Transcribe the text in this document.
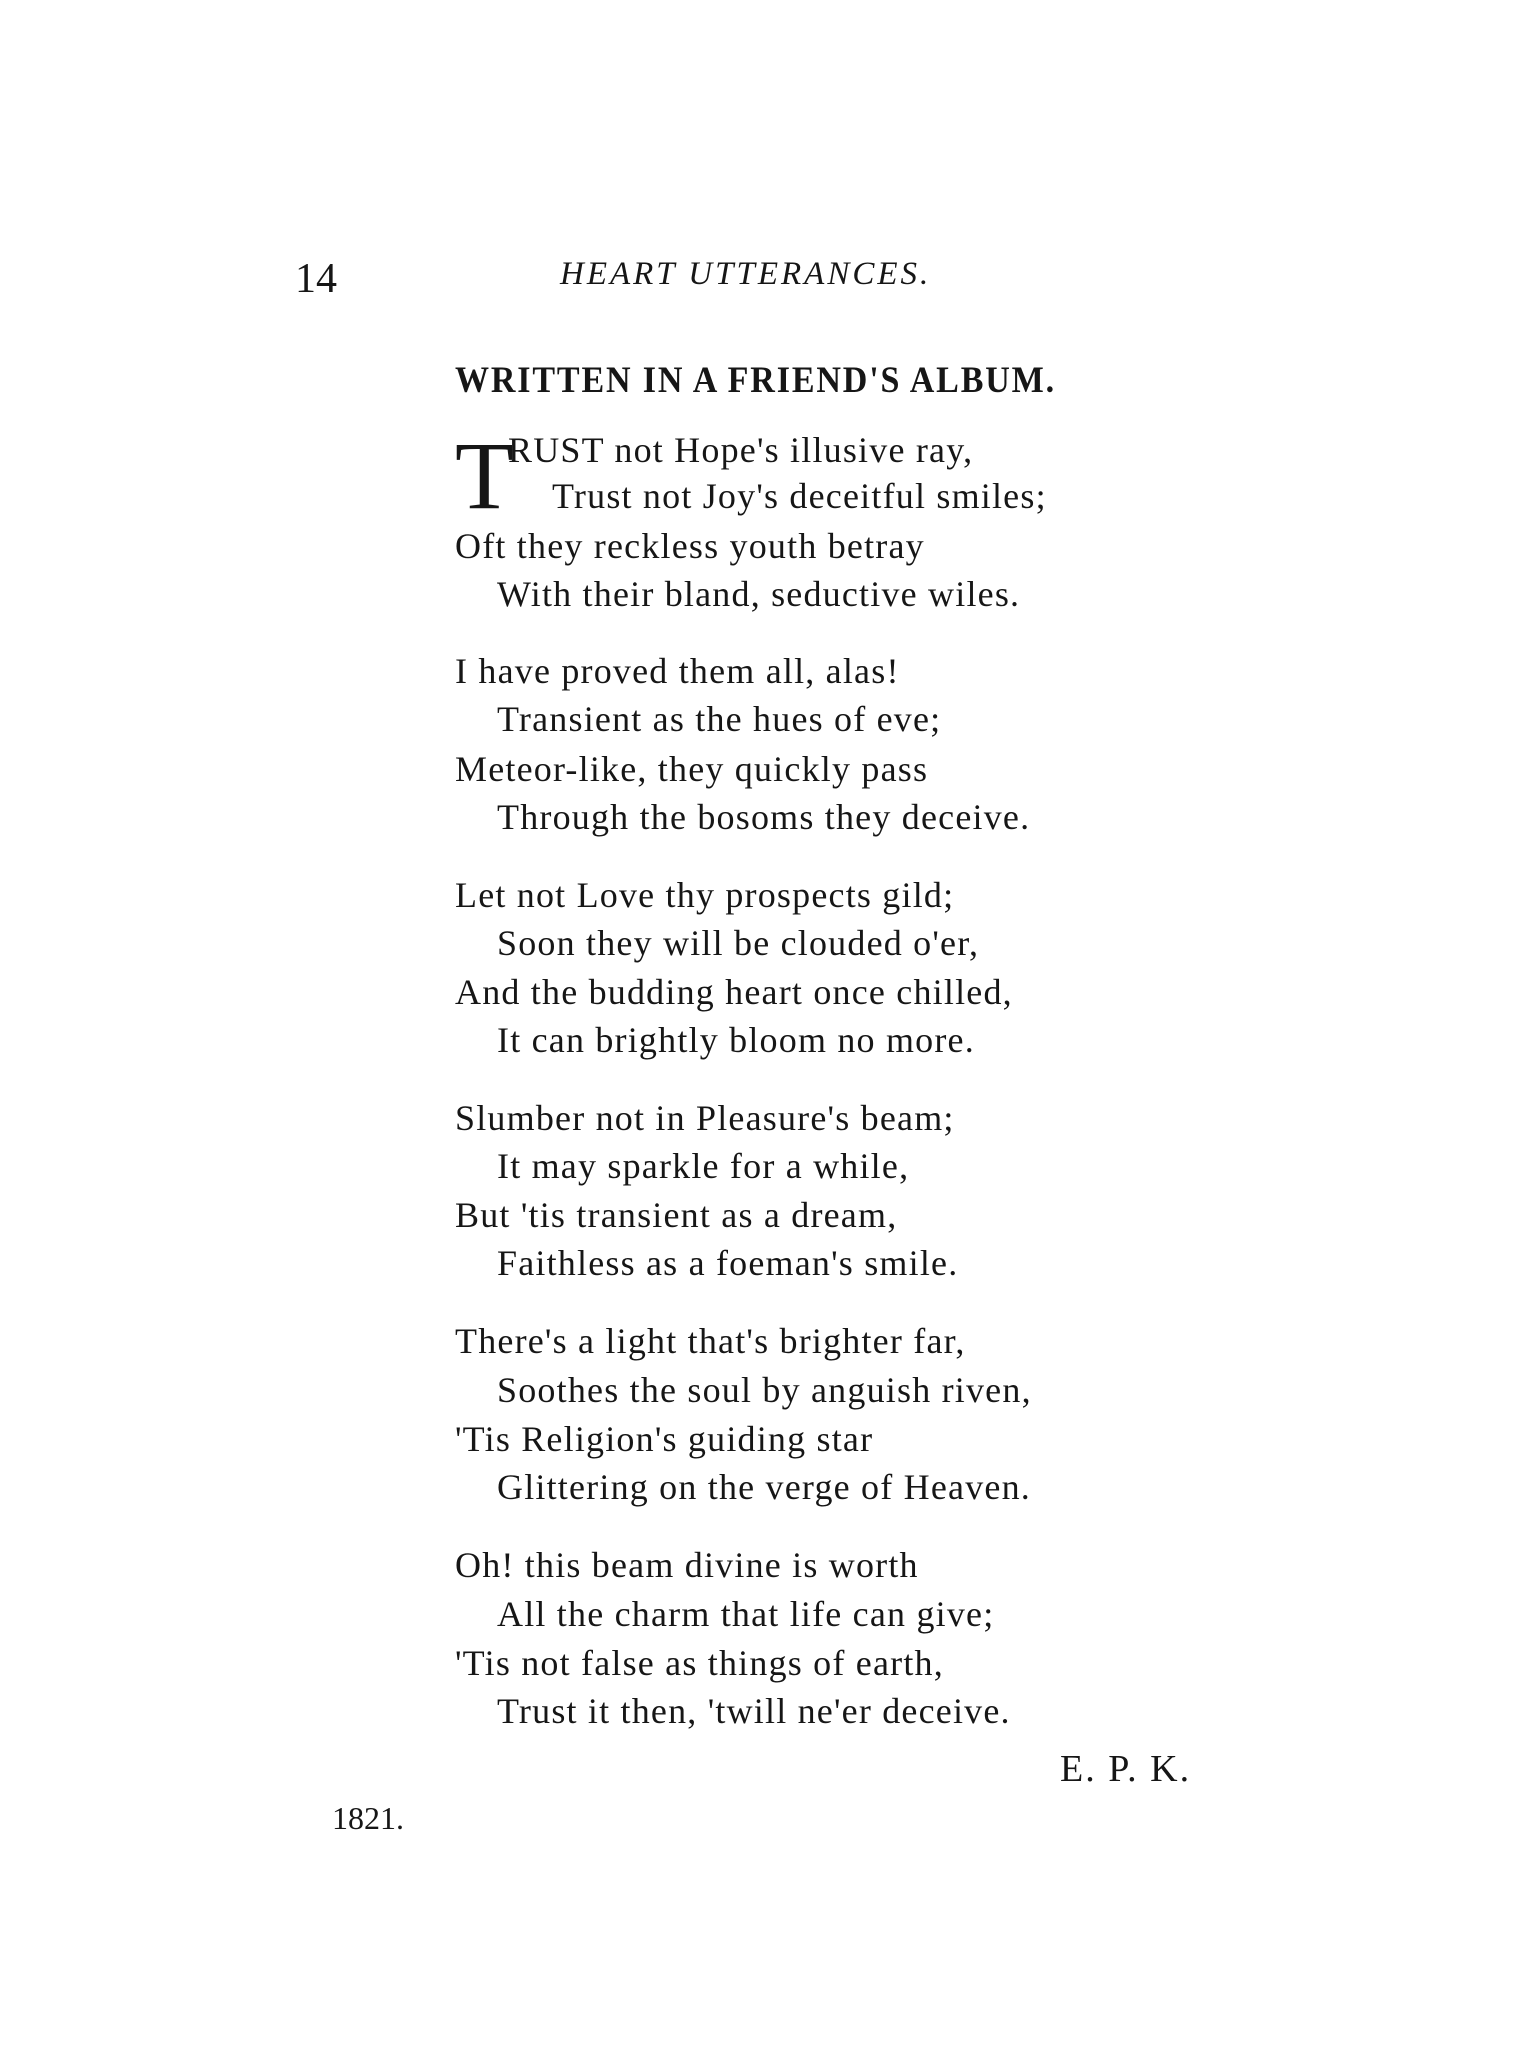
14	HEART UTTERANCES.
WRITTEN IN A FRIEND'S ALBUM.
T
RUST not Hope's illusive ray,
Trust not Joy's deceitful smiles;
Oft they reckless youth betray
With their bland, seductive wiles.
I have proved them all, alas!
Transient as the hues of eve;
Meteor-like, they quickly pass
Through the bosoms they deceive.
Let not Love thy prospects gild;
Soon they will be clouded o'er,
And the budding heart once chilled,
It can brightly bloom no more.
Slumber not in Pleasure's beam;
It may sparkle for a while,
But 'tis transient as a dream,
Faithless as a foeman's smile.
There's a light that's brighter far,
Soothes the soul by anguish riven,
'Tis Religion's guiding star
Glittering on the verge of Heaven.
Oh! this beam divine is worth
All the charm that life can give;
'Tis not false as things of earth,
Trust it then, 'twill ne'er deceive.
E. P. K.
1821.
